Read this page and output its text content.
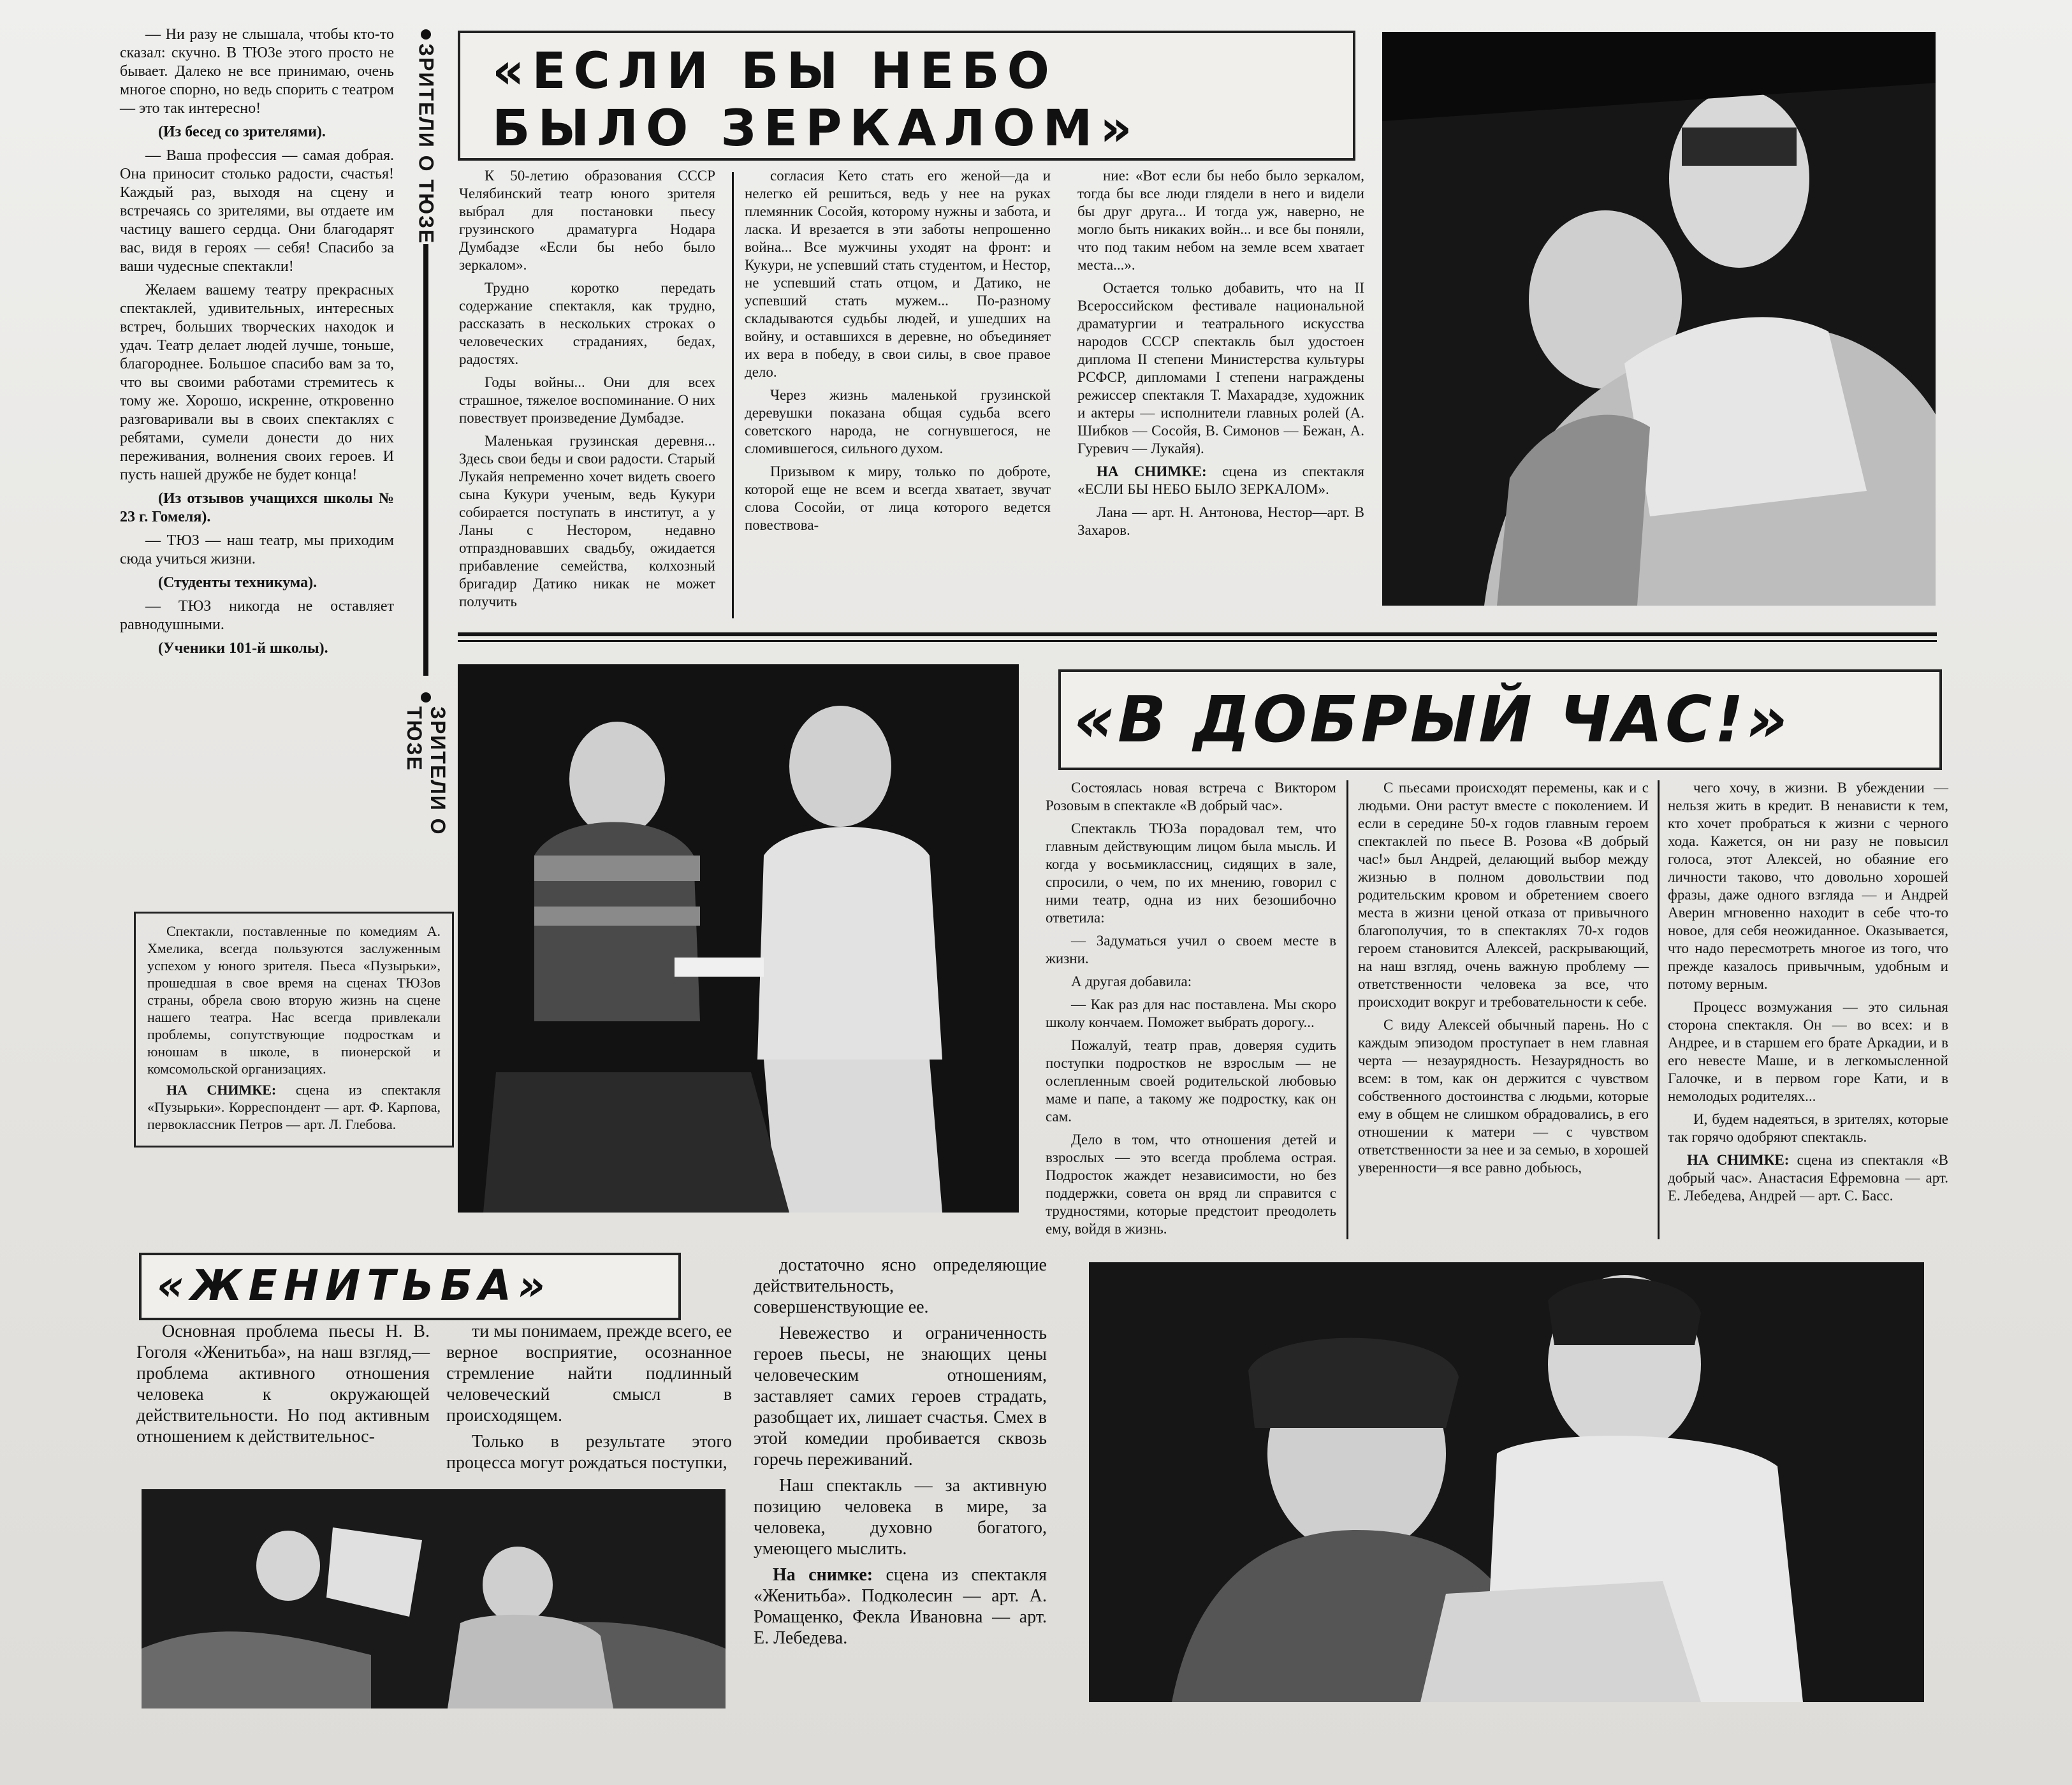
— Ни разу не слышала, чтобы кто-то сказал: скучно. В ТЮЗе этого просто не бывает. Далеко не все принимаю, очень многое спорно, но ведь спорить с театром — это так интересно!

(Из бесед со зрителями).

— Ваша профессия — самая добрая. Она приносит столько радости, счастья! Каждый раз, выходя на сцену и встречаясь со зрителями, вы отдаете им частицу вашего сердца. Они благодарят вас, видя в героях — себя! Спасибо за ваши чудесные спектакли!

Желаем вашему театру прекрасных спектаклей, удивительных, интересных встреч, больших творческих находок и удач. Театр делает людей лучше, тоньше, благороднее. Большое спасибо вам за то, что вы своими работами стремитесь к тому же. Хорошо, искренне, откровенно разговаривали вы в своих спектаклях с ребятами, сумели донести до них переживания, волнения своих героев. И пусть нашей дружбе не будет конца!

(Из отзывов учащихся школы № 23 г. Гомеля).

— ТЮЗ — наш театр, мы приходим сюда учиться жизни.

(Студенты техникума).

— ТЮЗ никогда не оставляет равнодушными.

(Ученики 101-й школы).

ЗРИТЕЛИ О ТЮЗЕ
ЗРИТЕЛИ О ТЮЗЕ

Спектакли, поставленные по комедиям А. Хмелика, всегда пользуются заслуженным успехом у юного зрителя. Пьеса «Пузырьки», прошедшая в свое время на сценах ТЮЗов страны, обрела свою вторую жизнь на сцене нашего театра. Нас всегда привлекали проблемы, сопутствующие подросткам и юношам в школе, в пионерской и комсомольской организациях.

НА СНИМКЕ: сцена из спектакля «Пузырьки». Корреспондент — арт. Ф. Карпова, первоклассник Петров — арт. Л. Глебова.

«ЕСЛИ БЫ НЕБО
БЫЛО ЗЕРКАЛОМ»

К 50-летию образования СССР Челябинский театр юного зрителя выбрал для постановки пьесу грузинского драматурга Нодара Думбадзе «Если бы небо было зеркалом».

Трудно коротко передать содержание спектакля, как трудно, рассказать в нескольких строках о человеческих страданиях, бедах, радостях.

Годы войны... Они для всех страшное, тяжелое воспоминание. О них повествует произведение Думбадзе.

Маленькая грузинская деревня... Здесь свои беды и свои радости. Старый Лукайя непременно хочет видеть своего сына Кукури ученым, ведь Кукури собирается поступать в институт, а у Ланы с Нестором, недавно отпраздновавших свадьбу, ожидается прибавление семейства, колхозный бригадир Датико никак не может получить

согласия Кето стать его женой—да и нелегко ей решиться, ведь у нее на руках племянник Сосойя, которому нужны и забота, и ласка. И врезается в эти заботы непрошенно война... Все мужчины уходят на фронт: и Кукури, не успевший стать студентом, и Нестор, не успевший стать отцом, и Датико, не успевший стать мужем... По-разному складываются судьбы людей, и ушедших на войну, и оставшихся в деревне, но объединяет их вера в победу, в свои силы, в свое правое дело.

Через жизнь маленькой грузинской деревушки показана общая судьба всего советского народа, не согнувшегося, не сломившегося, сильного духом.

Призывом к миру, только по доброте, которой еще не всем и всегда хватает, звучат слова Сосойи, от лица которого ведется повествова-

ние: «Вот если бы небо было зеркалом, тогда бы все люди глядели в него и видели бы друг друга... И тогда уж, наверно, не могло быть никаких войн... и все бы поняли, что под таким небом на земле всем хватает места...».

Остается только добавить, что на II Всероссийском фестивале национальной драматургии и театрального искусства народов СССР спектакль был удостоен диплома II степени Министерства культуры РСФСР, дипломами I степени награждены режиссер спектакля Т. Махарадзе, художник и актеры — исполнители главных ролей (А. Шибков — Сосойя, В. Симонов — Бежан, А. Гуревич — Лукайя).

НА СНИМКЕ: сцена из спектакля «ЕСЛИ БЫ НЕБО БЫЛО ЗЕРКАЛОМ».

Лана — арт. Н. Антонова, Нестор—арт. В Захаров.

«В ДОБРЫЙ ЧАС!»

Состоялась новая встреча с Виктором Розовым в спектакле «В добрый час».

Спектакль ТЮЗа порадовал тем, что главным действующим лицом была мысль. И когда у восьмиклассниц, сидящих в зале, спросили, о чем, по их мнению, говорил с ними театр, одна из них безошибочно ответила:

— Задуматься учил о своем месте в жизни.

А другая добавила:

— Как раз для нас поставлена. Мы скоро школу кончаем. Поможет выбрать дорогу...

Пожалуй, театр прав, доверяя судить поступки подростков не взрослым — не ослепленным своей родительской любовью маме и папе, а такому же подростку, как он сам.

Дело в том, что отношения детей и взрослых — это всегда проблема острая. Подросток жаждет независимости, но без поддержки, совета он вряд ли справится с трудностями, которые предстоит преодолеть ему, войдя в жизнь.

С пьесами происходят перемены, как и с людьми. Они растут вместе с поколением. И если в середине 50-х годов главным героем спектаклей по пьесе В. Розова «В добрый час!» был Андрей, делающий выбор между жизнью в полном довольствии под родительским кровом и обретением своего места в жизни ценой отказа от привычного благополучия, то в спектаклях 70-х годов героем становится Алексей, раскрывающий, на наш взгляд, очень важную проблему — ответственности человека за все, что происходит вокруг и требовательности к себе.

С виду Алексей обычный парень. Но с каждым эпизодом проступает в нем главная черта — незаурядность. Незаурядность во всем: в том, как он держится с чувством собственного достоинства с людьми, которые ему в общем не слишком обрадовались, в его отношении к матери — с чувством ответственности за нее и за семью, в хорошей уверенности—я все равно добьюсь,

чего хочу, в жизни. В убеждении — нельзя жить в кредит. В ненависти к тем, кто хочет пробраться к жизни с черного хода. Кажется, он ни разу не повысил голоса, этот Алексей, но обаяние его личности таково, что довольно хорошей фразы, даже одного взгляда — и Андрей Аверин мгновенно находит в себе что-то новое, для себя неожиданное. Оказывается, что надо пересмотреть многое из того, что прежде казалось привычным, удобным и потому верным.

Процесс возмужания — это сильная сторона спектакля. Он — во всех: и в Андрее, и в старшем его брате Аркадии, и в его невесте Маше, и в легкомысленной Галочке, и в первом горе Кати, и в немолодых родителях...

И, будем надеяться, в зрителях, которые так горячо одобряют спектакль.

НА СНИМКЕ: сцена из спектакля «В добрый час». Анастасия Ефремовна — арт. Е. Лебедева, Андрей — арт. С. Басс.

«ЖЕНИТЬБА»

Основная проблема пьесы Н. В. Гоголя «Женитьба», на наш взгляд,— проблема активного отношения человека к окружающей действительности. Но под активным отношением к действительнос-

ти мы понимаем, прежде всего, ее верное восприятие, осознанное стремление найти подлинный человеческий смысл в происходящем.

Только в результате этого процесса могут рождаться поступки,

достаточно ясно определяющие действительность, совершенствующие ее.

Невежество и ограниченность героев пьесы, не знающих цены человеческим отношениям, заставляет самих героев страдать, разобщает их, лишает счастья. Смех в этой комедии пробивается сквозь горечь переживаний.

Наш спектакль — за активную позицию человека в мире, за человека, духовно богатого, умеющего мыслить.

На снимке: сцена из спектакля «Женитьба». Подколесин — арт. А. Ромащенко, Фекла Ивановна — арт. Е. Лебедева.
